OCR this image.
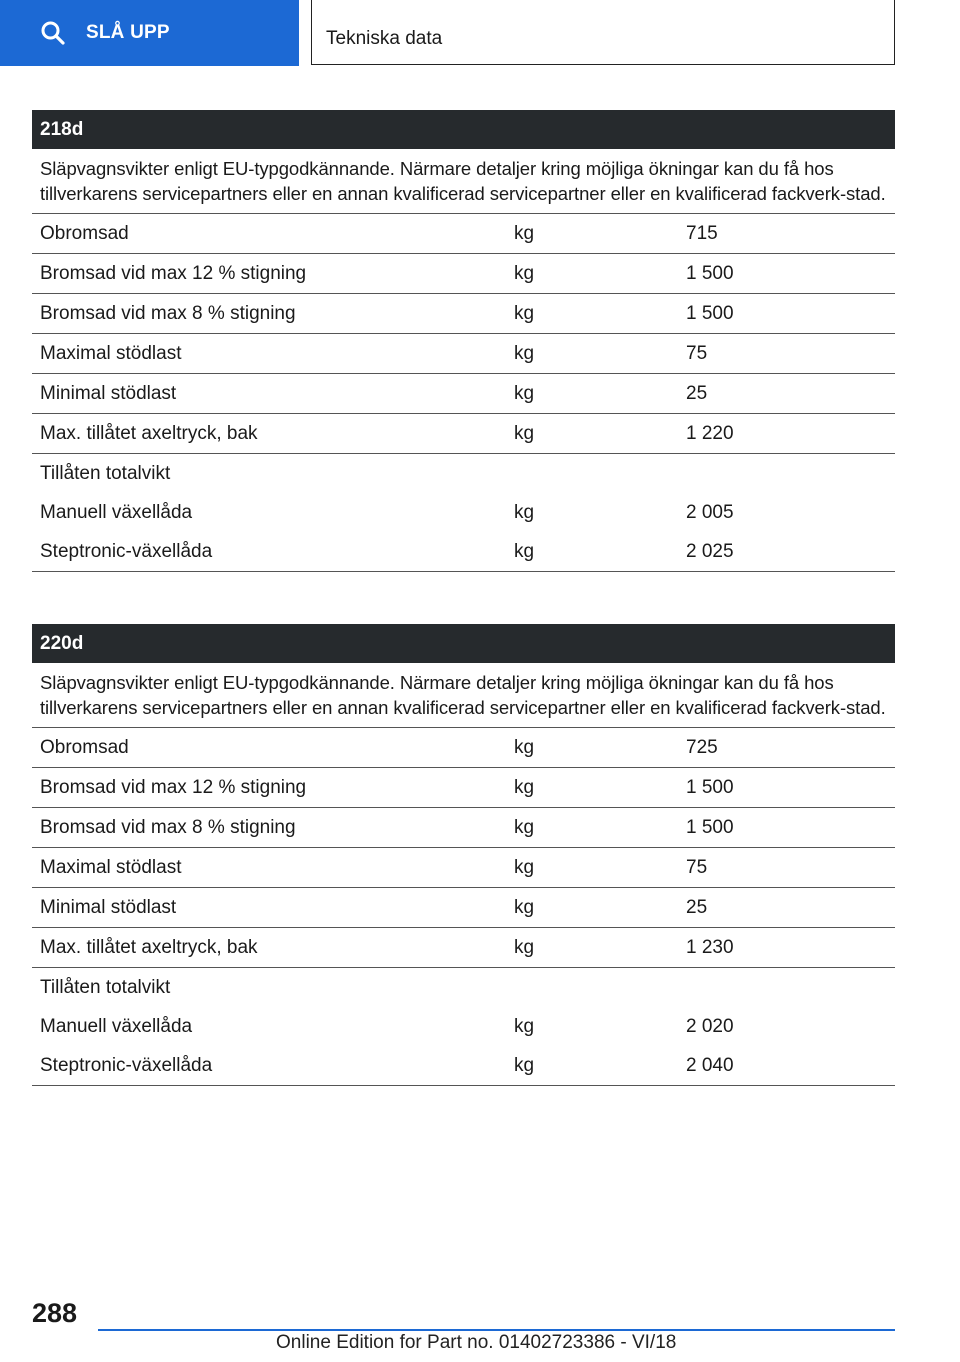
SLÅ UPP	Tekniska data
218d
Släpvagnsvikter enligt EU-typgodkännande. Närmare detaljer kring möjliga ökningar kan du få hos tillverkarens servicepartners eller en annan kvalificerad servicepartner eller en kvalificerad fackverk-stad.
Obromsad	kg	715
Bromsad vid max 12 % stigning	kg	1 500
Bromsad vid max 8 % stigning	kg	1 500
Maximal stödlast	kg	75
Minimal stödlast	kg	25
Max. tillåtet axeltryck, bak	kg	1 220
Tillåten totalvikt
Manuell växellåda	kg	2 005
Steptronic-växellåda	kg	2 025
220d
Släpvagnsvikter enligt EU-typgodkännande. Närmare detaljer kring möjliga ökningar kan du få hos tillverkarens servicepartners eller en annan kvalificerad servicepartner eller en kvalificerad fackverk-stad.
Obromsad	kg	725
Bromsad vid max 12 % stigning	kg	1 500
Bromsad vid max 8 % stigning	kg	1 500
Maximal stödlast	kg	75
Minimal stödlast	kg	25
Max. tillåtet axeltryck, bak	kg	1 230
Tillåten totalvikt
Manuell växellåda	kg	2 020
Steptronic-växellåda	kg	2 040
288
Online Edition for Part no. 01402723386 - VI/18
